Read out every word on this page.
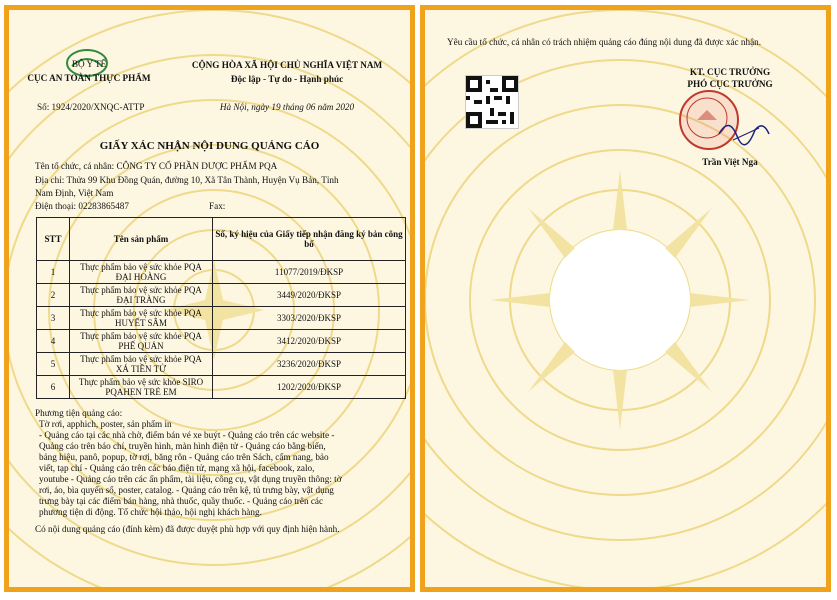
BỘ Y TẾ
CỤC AN TOÀN THỰC PHẨM
Số: 1924/2020/XNQC-ATTP
CỘNG HÒA XÃ HỘI CHỦ NGHĨA VIỆT NAM
Độc lập - Tự do - Hạnh phúc
Hà Nội, ngày 19 tháng 06 năm 2020
GIẤY XÁC NHẬN NỘI DUNG QUẢNG CÁO
Tên tổ chức, cá nhân: CÔNG TY CỔ PHẦN DƯỢC PHẨM PQA
Địa chỉ: Thửa 99 Khu Đồng Quán, đường 10, Xã Tân Thành, Huyện Vụ Bản, Tỉnh
Nam Định, Việt Nam
Điện thoại: 02283865487	Fax:
STT	Tên sản phẩm	Số, ký hiệu của Giấy tiếp nhận đăng ký bản công bố
1	Thực phẩm bảo vệ sức khỏe PQA
ĐẠI HOÀNG	11077/2019/ĐKSP
2	Thực phẩm bảo vệ sức khỏe PQA
ĐẠI TRÀNG	3449/2020/ĐKSP
3	Thực phẩm bảo vệ sức khỏe PQA
HUYẾT SÂM	3303/2020/ĐKSP
4	Thực phẩm bảo vệ sức khỏe PQA
PHẾ QUẢN	3412/2020/ĐKSP
5	Thực phẩm bảo vệ sức khỏe PQA
XÁ TIỀN TỬ	3236/2020/ĐKSP
6	Thực phẩm bảo vệ sức khỏe SIRO
PQAHEN TRẺ EM	1202/2020/ĐKSP
Phương tiện quảng cáo:
Tờ rơi, apphich, poster, sản phẩm in
- Quảng cáo tại các nhà chờ, điểm bán vé xe buýt - Quảng cáo trên các website -
Quảng cáo trên báo chí, truyền hình, màn hình điện tử - Quảng cáo bằng biển,
bảng hiệu, panô, popup, tờ rơi, băng rôn - Quảng cáo trên Sách, cẩm nang, bảo
viết, tạp chí - Quảng cáo trên các báo điện tử, mạng xã hội, facebook, zalo,
youtube - Quảng cáo trên các ấn phẩm, tài liệu, công cụ, vật dụng truyền thông: tờ
rơi, áo, bìa quyển sổ, poster, catalog. - Quảng cáo trên kệ, tủ trưng bày, vật dụng
trưng bày tại các điểm bán hàng, nhà thuốc, quầy thuốc. - Quảng cáo trên các
phương tiện di động. Tổ chức hội thảo, hội nghị khách hàng.
Có nội dung quảng cáo (đính kèm) đã được duyệt phù hợp với quy định hiện hành.
Yêu cầu tổ chức, cá nhân có trách nhiệm quảng cáo đúng nội dung đã được xác nhận.
KT. CỤC TRƯỞNG
PHÓ CỤC TRƯỞNG
Trần Việt Nga
